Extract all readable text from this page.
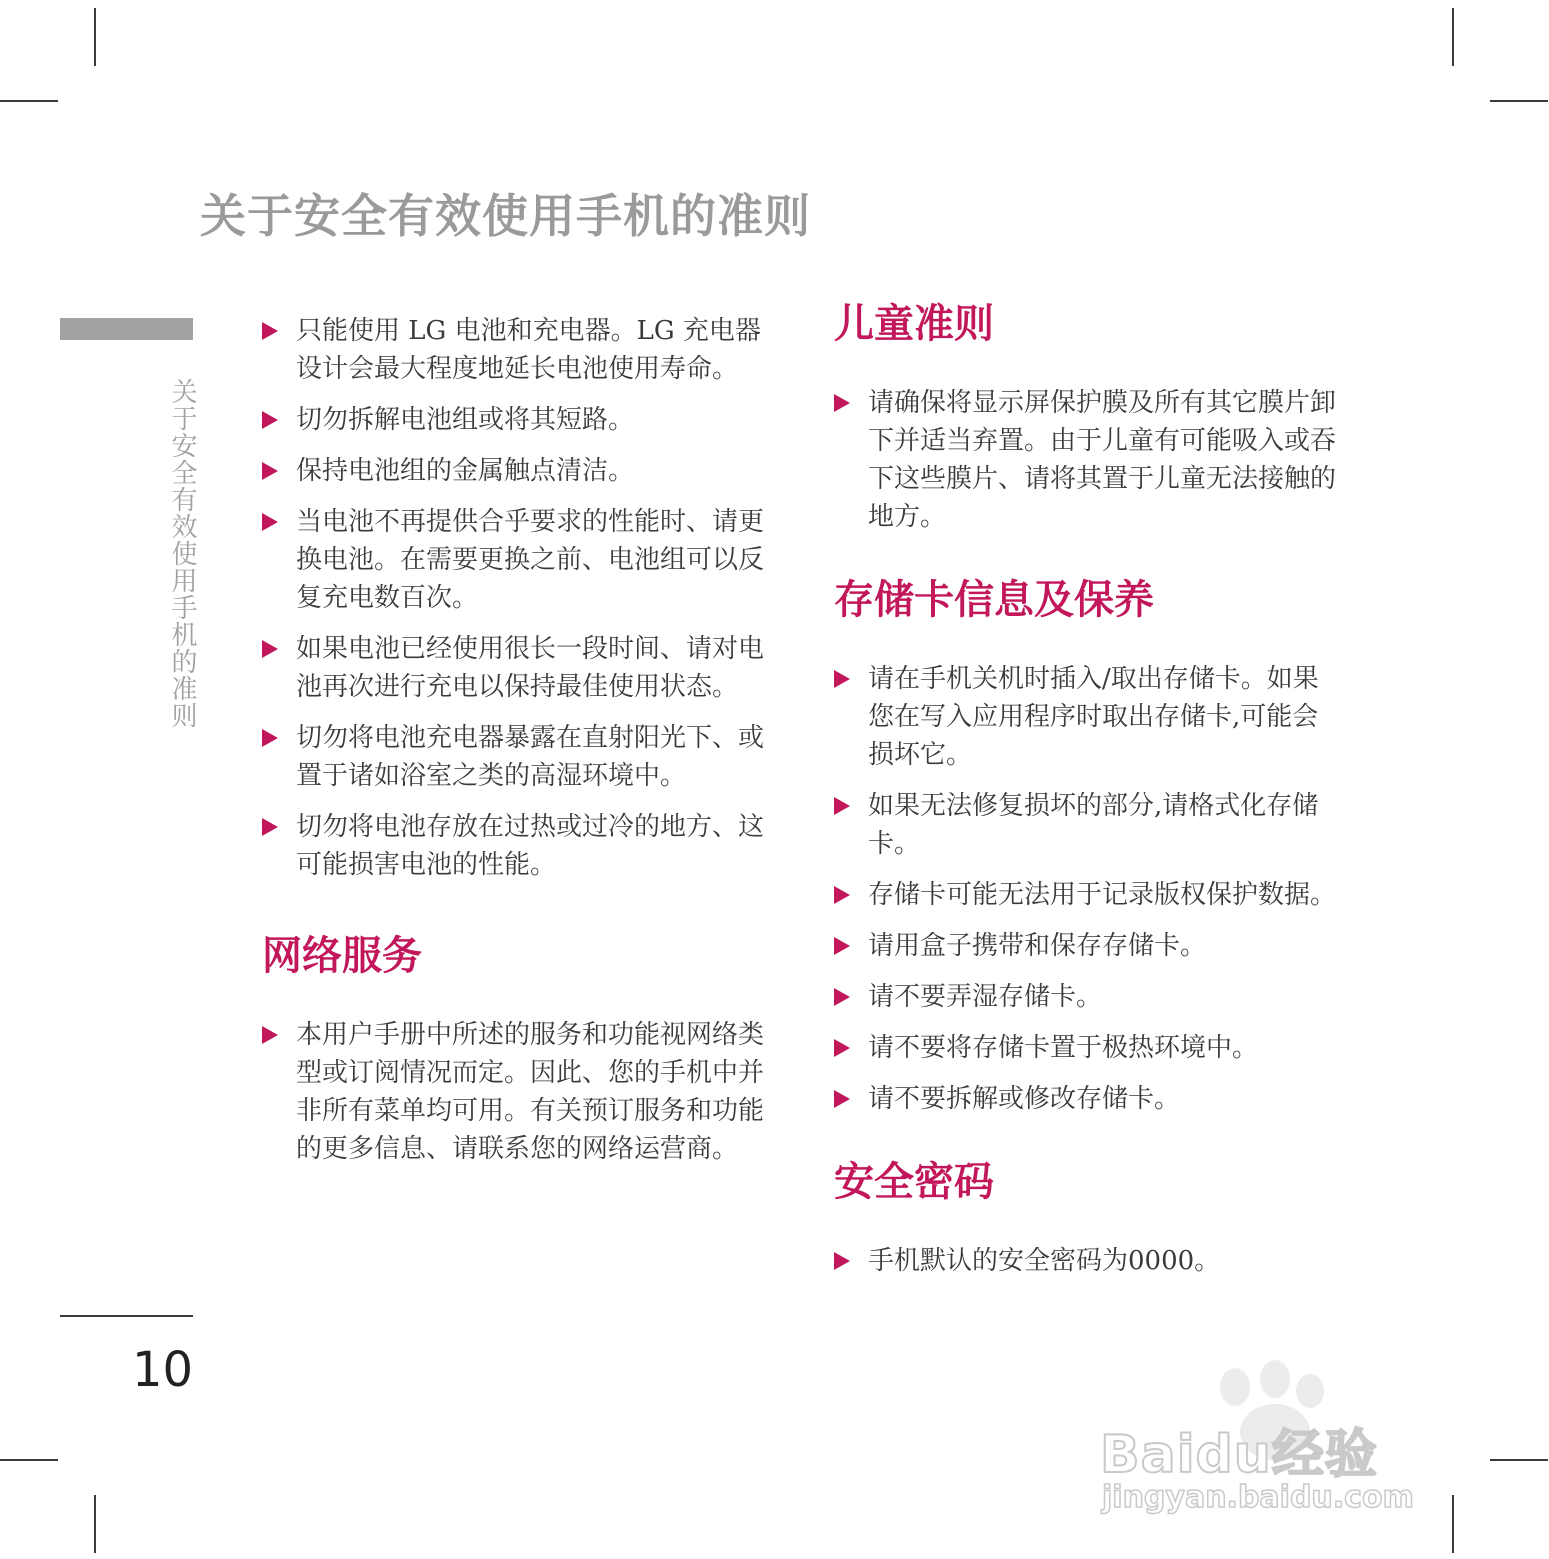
关于安全有效使用手机的准则
关于安全有效使用手机的准则
10
只能使用 LG 电池和充电器。LG 充电器设计会最大程度地延长电池使用寿命。
切勿拆解电池组或将其短路。
保持电池组的金属触点清洁。
当电池不再提供合乎要求的性能时、请更换电池。在需要更换之前、电池组可以反复充电数百次。
如果电池已经使用很长一段时间、请对电池再次进行充电以保持最佳使用状态。
切勿将电池充电器暴露在直射阳光下、或置于诸如浴室之类的高湿环境中。
切勿将电池存放在过热或过冷的地方、这可能损害电池的性能。
网络服务
本用户手册中所述的服务和功能视网络类型或订阅情况而定。因此、您的手机中并非所有菜单均可用。有关预订服务和功能的更多信息、请联系您的网络运营商。
儿童准则
请确保将显示屏保护膜及所有其它膜片卸下并适当弃置。由于儿童有可能吸入或吞下这些膜片、请将其置于儿童无法接触的地方。
存储卡信息及保养
请在手机关机时插入/取出存储卡。如果您在写入应用程序时取出存储卡,可能会损坏它。
如果无法修复损坏的部分,请格式化存储卡。
存储卡可能无法用于记录版权保护数据。
请用盒子携带和保存存储卡。
请不要弄湿存储卡。
请不要将存储卡置于极热环境中。
请不要拆解或修改存储卡。
安全密码
手机默认的安全密码为0000。
Baidu经验
jingyan.baidu.com
